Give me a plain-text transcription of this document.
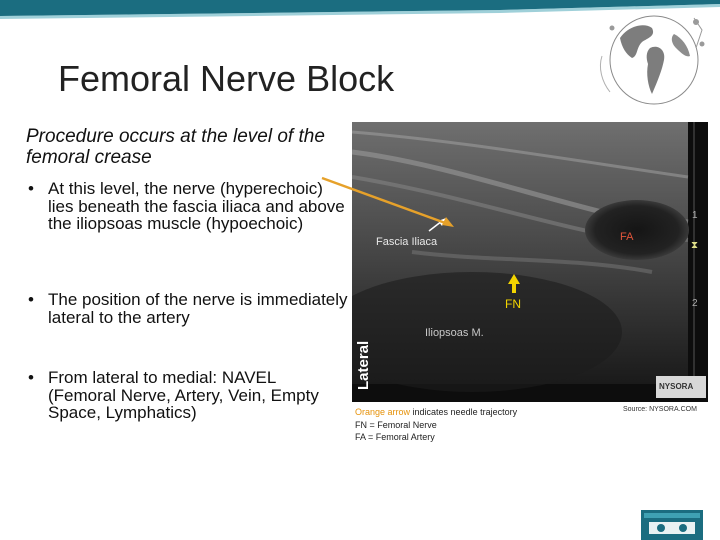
Femoral Nerve Block
Procedure occurs at the level of the femoral crease
• At this level, the nerve (hyperechoic) lies beneath the fascia iliaca and above the iliopsoas muscle (hypoechoic)
• The position of the nerve is immediately lateral to the artery
• From lateral to medial: NAVEL (Femoral Nerve, Artery, Vein, Empty Space, Lymphatics)
1
2
⧗
Fascia Iliaca	FA
FN
Iliopsoas M.
Lateral	NYSORA
Orange arrow indicates needle trajectory
FN = Femoral Nerve
FA = Femoral Artery
Source: NYSORA.COM
